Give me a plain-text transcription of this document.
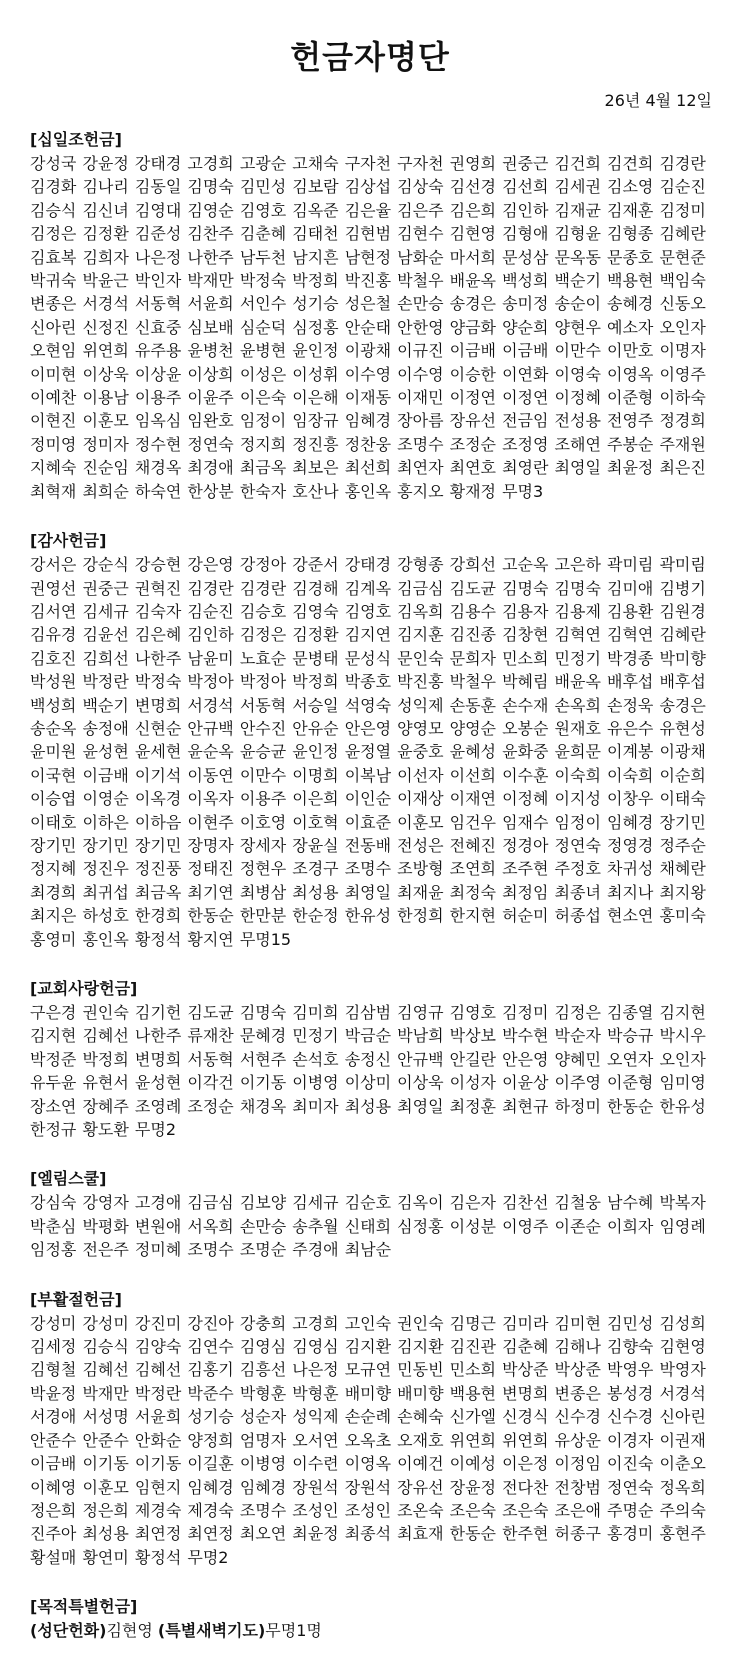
헌금자명단
26년 4월 12일
[십일조헌금]
강성국 강윤정 강태경 고경희 고광순 고채숙 구자천 구자천 권영희 권중근 김건희 김견희 김경란 김경화 김나리 김동일 김명숙 김민성 김보람 김상섭 김상숙 김선경 김선희 김세권 김소영 김순진 김승식 김신녀 김영대 김영순 김영호 김옥준 김은율 김은주 김은희 김인하 김재균 김재훈 김정미 김정은 김정환 김준성 김찬주 김춘혜 김태천 김현범 김현수 김현영 김형애 김형윤 김형종 김혜란 김효복 김희자 나은정 나한주 남두천 남지흔 남현정 남화순 마서희 문성삼 문옥동 문종호 문현준 박귀숙 박윤근 박인자 박재만 박정숙 박정희 박진홍 박철우 배윤옥 백성희 백순기 백용현 백임숙 변종은 서경석 서동혁 서윤희 서인수 성기승 성은철 손만승 송경은 송미정 송순이 송혜경 신동오 신아린 신정진 신효중 심보배 심순덕 심정홍 안순태 안한영 양금화 양순희 양현우 예소자 오인자 오현임 위연희 유주용 윤병천 윤병현 윤인정 이광채 이규진 이금배 이금배 이만수 이만호 이명자 이미현 이상욱 이상윤 이상희 이성은 이성휘 이수영 이수영 이승한 이연화 이영숙 이영옥 이영주 이예찬 이용남 이용주 이윤주 이은숙 이은해 이재동 이재민 이정연 이정연 이정혜 이준형 이하숙 이현진 이훈모 임옥심 임완호 임정이 임장규 임혜경 장아름 장유선 전금임 전성용 전영주 정경희 정미영 정미자 정수현 정연숙 정지희 정진흥 정찬웅 조명수 조정순 조정영 조해연 주봉순 주재원 지혜숙 진순임 채경옥 최경애 최금옥 최보은 최선희 최연자 최연호 최영란 최영일 최윤정 최은진 최혁재 최희순 하숙연 한상분 한숙자 호산나 홍인옥 홍지오 황재정 무명3
[감사헌금]
강서은 강순식 강승현 강은영 강정아 강준서 강태경 강형종 강희선 고순옥 고은하 곽미림 곽미림 권영선 권중근 권혁진 김경란 김경란 김경해 김계옥 김금심 김도균 김명숙 김명숙 김미애 김병기 김서연 김세규 김숙자 김순진 김승호 김영숙 김영호 김옥희 김용수 김용자 김용제 김용환 김원경 김유경 김윤선 김은혜 김인하 김정은 김정환 김지연 김지훈 김진종 김창현 김혁연 김혁연 김혜란 김호진 김희선 나한주 남윤미 노효순 문병태 문성식 문인숙 문희자 민소희 민정기 박경종 박미향 박성원 박정란 박정숙 박정아 박정아 박정희 박종호 박진홍 박철우 박혜림 배윤옥 배후섭 배후섭 백성희 백순기 변명희 서경석 서동혁 서승일 석영숙 성익제 손동훈 손수재 손옥희 손정욱 송경은 송순옥 송정애 신현순 안규백 안수진 안유순 안은영 양영모 양영순 오봉순 원재호 유은수 유현성 윤미원 윤성현 윤세현 윤순옥 윤승균 윤인정 윤정열 윤중호 윤혜성 윤화중 윤희문 이계봉 이광채 이국현 이금배 이기석 이동연 이만수 이명희 이복남 이선자 이선희 이수훈 이숙희 이숙희 이순희 이승엽 이영순 이옥경 이옥자 이용주 이은희 이인순 이재상 이재연 이정혜 이지성 이창우 이태숙 이태호 이하은 이하음 이현주 이호영 이호혁 이효준 이훈모 임건우 임재수 임정이 임혜경 장기민 장기민 장기민 장기민 장명자 장세자 장윤실 전동배 전성은 전혜진 정경아 정연숙 정영경 정주순 정지혜 정진우 정진풍 정태진 정현우 조경구 조명수 조방형 조연희 조주현 주정호 차귀성 채혜란 최경희 최귀섭 최금옥 최기연 최병삼 최성용 최영일 최재윤 최정숙 최정임 최종녀 최지나 최지왕 최지은 하성호 한경희 한동순 한만분 한순정 한유성 한정희 한지현 허순미 허종섭 현소연 홍미숙 홍영미 홍인옥 황정석 황지연 무명15
[교회사랑헌금]
구은경 권인숙 김기헌 김도균 김명숙 김미희 김삼범 김영규 김영호 김정미 김정은 김종열 김지현 김지현 김혜선 나한주 류재찬 문혜경 민정기 박금순 박남희 박상보 박수현 박순자 박승규 박시우 박정준 박정희 변명희 서동혁 서현주 손석호 송정신 안규백 안길란 안은영 양혜민 오연자 오인자 유두윤 유현서 윤성현 이각건 이기동 이병영 이상미 이상욱 이성자 이윤상 이주영 이준형 임미영 장소연 장혜주 조영례 조정순 채경옥 최미자 최성용 최영일 최정훈 최현규 하정미 한동순 한유성 한정규 황도환 무명2
[엘림스쿨]
강심숙 강영자 고경애 김금심 김보양 김세규 김순호 김옥이 김은자 김찬선 김철웅 남수혜 박복자 박춘심 박평화 변원애 서옥희 손만승 송추월 신태희 심정홍 이성분 이영주 이존순 이희자 임영례 임정홍 전은주 정미혜 조명수 조명순 주경애 최남순
[부활절헌금]
강성미 강성미 강진미 강진아 강충희 고경희 고인숙 권인숙 김명근 김미라 김미현 김민성 김성희 김세정 김승식 김양숙 김연수 김영심 김영심 김지환 김지환 김진관 김춘혜 김해나 김향숙 김현영 김형철 김혜선 김혜선 김홍기 김흥선 나은정 모규연 민동빈 민소희 박상준 박상준 박영우 박영자 박윤정 박재만 박정란 박준수 박형훈 박형훈 배미향 배미향 백용현 변명희 변종은 봉성경 서경석 서경애 서성명 서윤희 성기승 성순자 성익제 손순례 손혜숙 신가엘 신경식 신수경 신수경 신아린 안준수 안준수 안화순 양정희 엄명자 오서연 오옥초 오재호 위연희 위연희 유상운 이경자 이권재 이금배 이기동 이기동 이길훈 이병영 이수련 이영옥 이예건 이예성 이은정 이정임 이진숙 이춘오 이혜영 이훈모 임현지 임혜경 임혜경 장원석 장원석 장유선 장윤정 전다찬 전창범 정연숙 정옥희 정은희 정은희 제경숙 제경숙 조명수 조성인 조성인 조온숙 조은숙 조은숙 조은애 주명순 주의숙 진주아 최성용 최연정 최연정 최오연 최윤정 최종석 최효재 한동순 한주현 허종구 홍경미 홍현주 황설매 황연미 황정석 무명2
[목적특별헌금]
(성단헌화)김현영 (특별새벽기도)무명1명
